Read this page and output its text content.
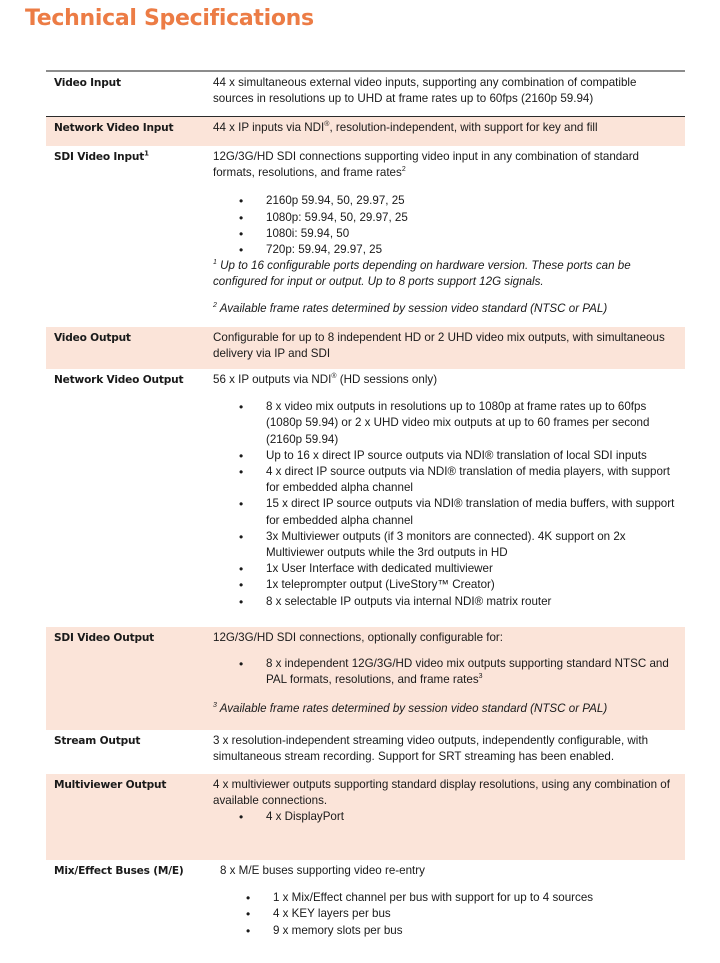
Technical Specifications
Video Input	44 x simultaneous external video inputs, supporting any combination of compatible sources in resolutions up to UHD at frame rates up to 60fps (2160p 59.94)

Network Video Input	44 x IP inputs via NDI®, resolution-independent, with support for key and fill

SDI Video Input$^1$	12G/3G/HD SDI connections supporting video input in any combination of standard formats, resolutions, and frame rates$^2$

• 2160p 59.94, 50, 29.97, 25
• 1080p: 59.94, 50, 29.97, 25
• 1080i: 59.94, 50
• 720p: 59.94, 29.97, 25

$^1$ Up to 16 configurable ports depending on hardware version. These ports can be configured for input or output. Up to 8 ports support 12G signals.

$^2$ Available frame rates determined by session video standard (NTSC or PAL)

Video Output	Configurable for up to 8 independent HD or 2 UHD video mix outputs, with simultaneous delivery via IP and SDI

Network Video Output	56 x IP outputs via NDI® (HD sessions only)

• 8 x video mix outputs in resolutions up to 1080p at frame rates up to 60fps (1080p 59.94) or 2 x UHD video mix outputs at up to 60 frames per second (2160p 59.94)
• Up to 16 x direct IP source outputs via NDI® translation of local SDI inputs
• 4 x direct IP source outputs via NDI® translation of media players, with support for embedded alpha channel
• 15 x direct IP source outputs via NDI® translation of media buffers, with support for embedded alpha channel
• 3x Multiviewer outputs (if 3 monitors are connected). 4K support on 2x Multiviewer outputs while the 3rd outputs in HD
• 1x User Interface with dedicated multiviewer
• 1x teleprompter output (LiveStory™ Creator)
• 8 x selectable IP outputs via internal NDI® matrix router
SDI Video Output	12G/3G/HD SDI connections, optionally configurable for:

• 8 x independent 12G/3G/HD video mix outputs supporting standard NTSC and PAL formats, resolutions, and frame rates$^3$

$^3$ Available frame rates determined by session video standard (NTSC or PAL)

Stream Output	3 x resolution-independent streaming video outputs, independently configurable, with simultaneous stream recording. Support for SRT streaming has been enabled.

Multiviewer Output	4 x multiviewer outputs supporting standard display resolutions, using any combination of available connections.

• 4 x DisplayPort
Mix/Effect Buses (M/E)	8 x M/E buses supporting video re-entry

• 1 x Mix/Effect channel per bus with support for up to 4 sources
• 4 x KEY layers per bus
• 9 x memory slots per bus
